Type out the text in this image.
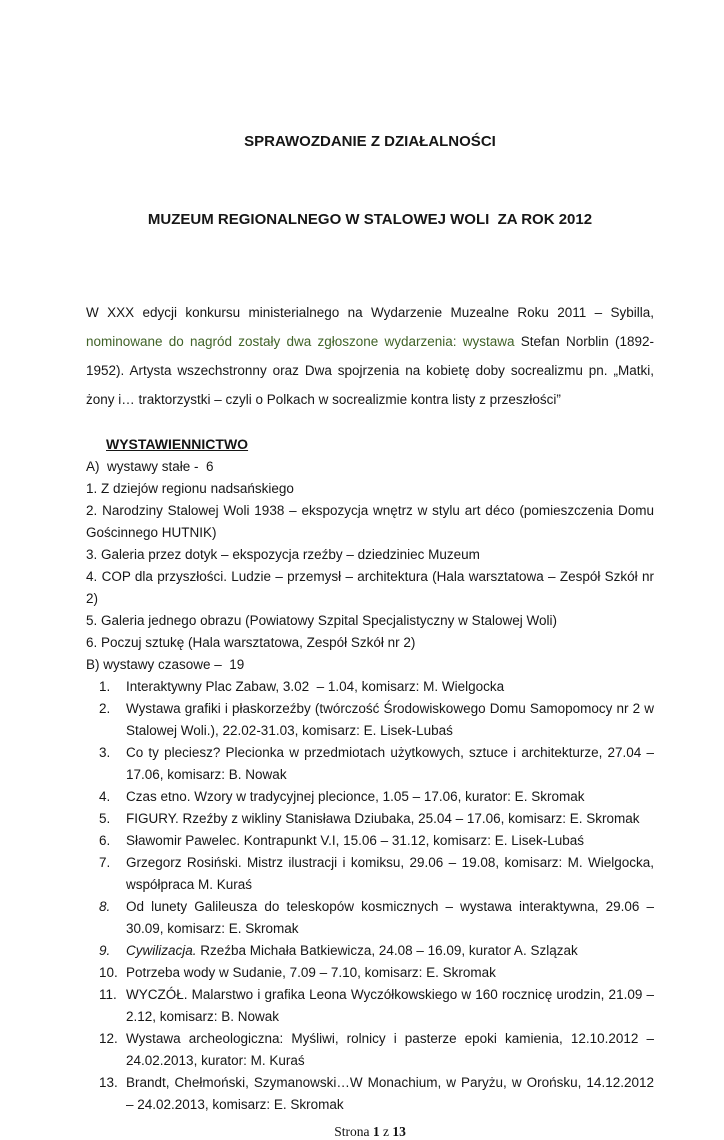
SPRAWOZDANIE Z DZIAŁALNOŚCI

MUZEUM REGIONALNEGO W STALOWEJ WOLI  ZA ROK 2012

W XXX edycji konkursu ministerialnego na Wydarzenie Muzealne Roku 2011 – Sybilla, nominowane do nagród zostały dwa zgłoszone wydarzenia: wystawa Stefan Norblin (1892-1952). Artysta wszechstronny oraz Dwa spojrzenia na kobietę doby socrealizmu pn. „Matki, żony i… traktorzystki – czyli o Polkach w socrealizmie kontra listy z przeszłości”

WYSTAWIENNICTWO

A)  wystawy stałe -  6

1. Z dziejów regionu nadsańskiego

2. Narodziny Stalowej Woli 1938 – ekspozycja wnętrz w stylu art déco (pomieszczenia Domu Gościnnego HUTNIK)

3. Galeria przez dotyk – ekspozycja rzeźby – dziedziniec Muzeum

4. COP dla przyszłości. Ludzie – przemysł – architektura (Hala warsztatowa – Zespół Szkół nr 2)

5. Galeria jednego obrazu (Powiatowy Szpital Specjalistyczny w Stalowej Woli)

6. Poczuj sztukę (Hala warsztatowa, Zespół Szkół nr 2)

B) wystawy czasowe –  19

1.	Interaktywny Plac Zabaw, 3.02  – 1.04, komisarz: M. Wielgocka
2.	Wystawa grafiki i płaskorzeźby (twórczość Środowiskowego Domu Samopomocy nr 2 w Stalowej Woli.), 22.02-31.03, komisarz: E. Lisek-Lubaś
3.	Co ty pleciesz? Plecionka w przedmiotach użytkowych, sztuce i architekturze, 27.04 – 17.06, komisarz: B. Nowak
4.	Czas etno. Wzory w tradycyjnej plecionce, 1.05 – 17.06, kurator: E. Skromak
5.	FIGURY. Rzeźby z wikliny Stanisława Dziubaka, 25.04 – 17.06, komisarz: E. Skromak
6.	Sławomir Pawelec. Kontrapunkt V.I, 15.06 – 31.12, komisarz: E. Lisek-Lubaś
7.	Grzegorz Rosiński. Mistrz ilustracji i komiksu, 29.06 – 19.08, komisarz: M. Wielgocka, współpraca M. Kuraś
8.	Od lunety Galileusza do teleskopów kosmicznych – wystawa interaktywna, 29.06 –  30.09, komisarz: E. Skromak
9.	Cywilizacja. Rzeźba Michała Batkiewicza, 24.08 – 16.09, kurator A. Szlązak
10. Potrzeba wody w Sudanie, 7.09 – 7.10, komisarz: E. Skromak
11. WYCZÓŁ. Malarstwo i grafika Leona Wyczółkowskiego w 160 rocznicę urodzin, 21.09 – 2.12, komisarz: B. Nowak
12. Wystawa archeologiczna: Myśliwi, rolnicy i pasterze epoki kamienia, 12.10.2012 – 24.02.2013, kurator: M. Kuraś
13. Brandt, Chełmoński, Szymanowski…W Monachium, w Paryżu, w Orońsku, 14.12.2012 – 24.02.2013, komisarz: E. Skromak
Strona 1 z 13
